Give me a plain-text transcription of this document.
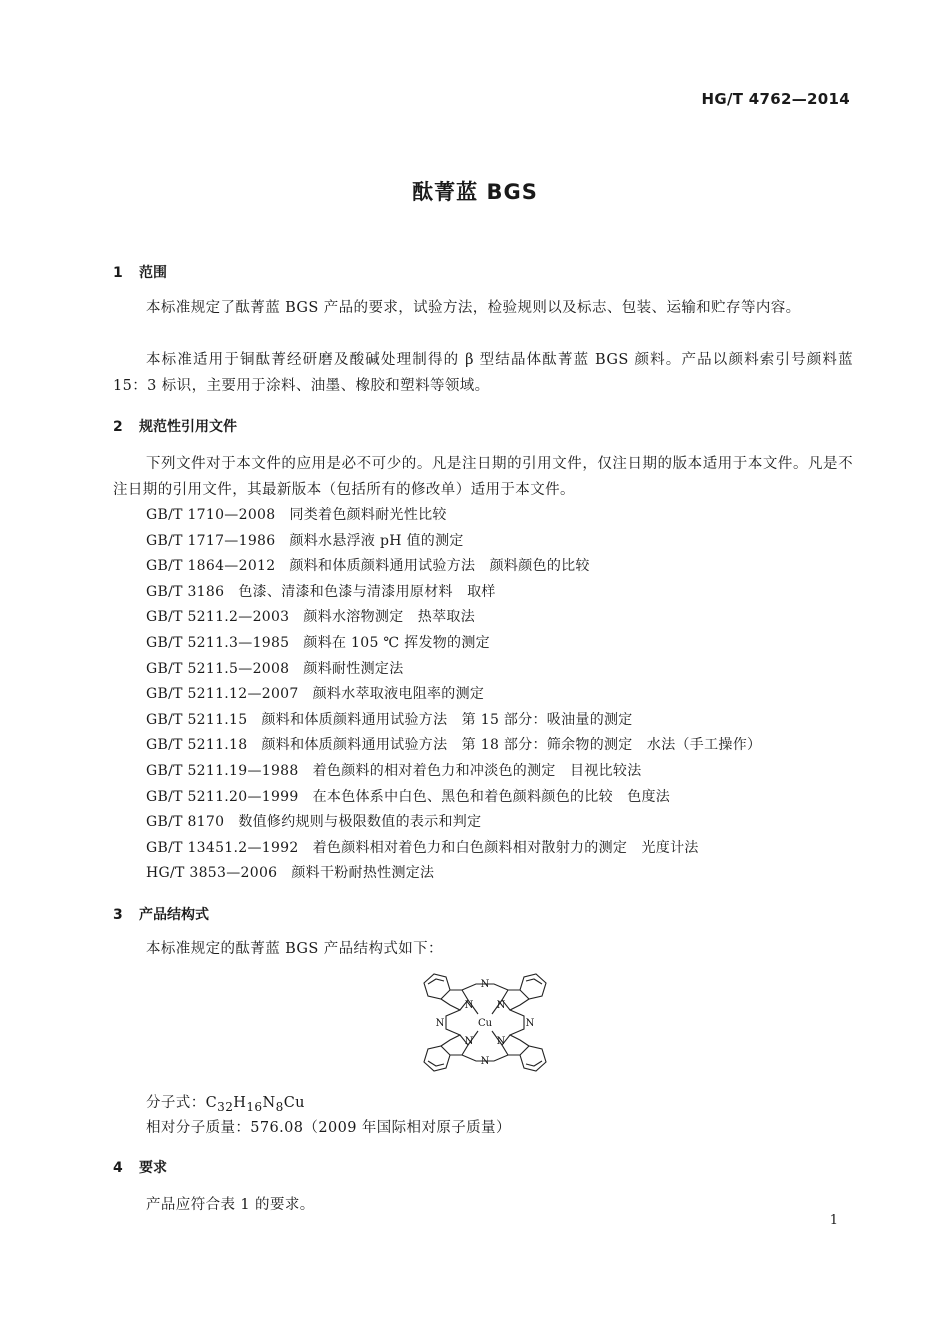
HG/T 4762—2014
酞菁蓝 BGS
1 范围
本标准规定了酞菁蓝 BGS 产品的要求，试验方法，检验规则以及标志、包装、运输和贮存等内容。
本标准适用于铜酞菁经研磨及酸碱处理制得的 β 型结晶体酞菁蓝 BGS 颜料。产品以颜料索引号颜料蓝 15：3 标识，主要用于涂料、油墨、橡胶和塑料等领域。
2 规范性引用文件
下列文件对于本文件的应用是必不可少的。凡是注日期的引用文件，仅注日期的版本适用于本文件。凡是不注日期的引用文件，其最新版本（包括所有的修改单）适用于本文件。
GB/T 1710—2008 同类着色颜料耐光性比较
GB/T 1717—1986 颜料水悬浮液 pH 值的测定
GB/T 1864—2012 颜料和体质颜料通用试验方法　颜料颜色的比较
GB/T 3186 色漆、清漆和色漆与清漆用原材料　取样
GB/T 5211.2—2003 颜料水溶物测定　热萃取法
GB/T 5211.3—1985 颜料在 105 ℃ 挥发物的测定
GB/T 5211.5—2008 颜料耐性测定法
GB/T 5211.12—2007 颜料水萃取液电阻率的测定
GB/T 5211.15 颜料和体质颜料通用试验方法　第 15 部分：吸油量的测定
GB/T 5211.18 颜料和体质颜料通用试验方法　第 18 部分：筛余物的测定　水法（手工操作）
GB/T 5211.19—1988 着色颜料的相对着色力和冲淡色的测定　目视比较法
GB/T 5211.20—1999 在本色体系中白色、黑色和着色颜料颜色的比较　色度法
GB/T 8170 数值修约规则与极限数值的表示和判定
GB/T 13451.2—1992 着色颜料相对着色力和白色颜料相对散射力的测定　光度计法
HG/T 3853—2006 颜料干粉耐热性测定法
3 产品结构式
本标准规定的酞菁蓝 BGS 产品结构式如下：
N
N
N	N
N N
N N
Cu
分子式：$C_{32}H_{16}N_8Cu$
相对分子质量：576.08（2009 年国际相对原子质量）
4 要求
产品应符合表 1 的要求。
1
